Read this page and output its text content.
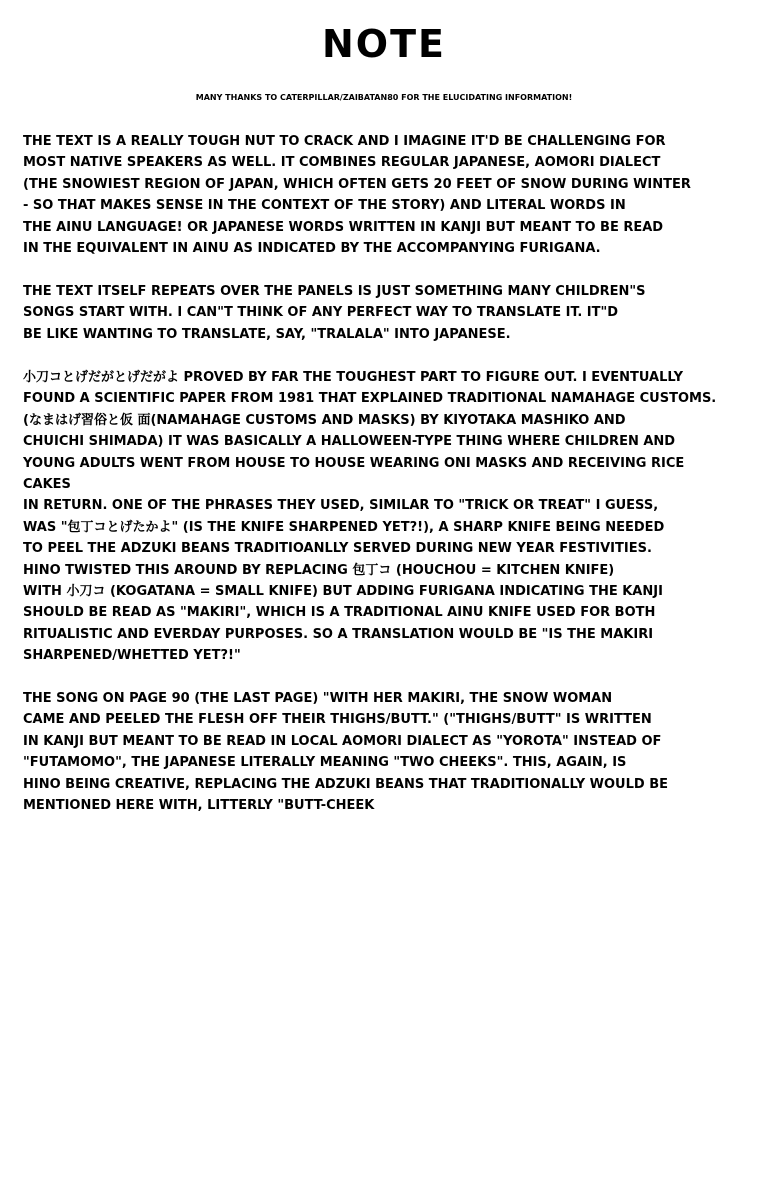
NOTE
MANY THANKS TO CATERPILLAR/ZAIBATAN80 FOR THE ELUCIDATING INFORMATION!
THE TEXT IS A REALLY TOUGH NUT TO CRACK AND I IMAGINE IT'D BE CHALLENGING FOR
MOST NATIVE SPEAKERS AS WELL. IT COMBINES REGULAR JAPANESE, AOMORI DIALECT
(THE SNOWIEST REGION OF JAPAN, WHICH OFTEN GETS 20 FEET OF SNOW DURING WINTER
- SO THAT MAKES SENSE IN THE CONTEXT OF THE STORY) AND LITERAL WORDS IN
THE AINU LANGUAGE! OR JAPANESE WORDS WRITTEN IN KANJI BUT MEANT TO BE READ
IN THE EQUIVALENT IN AINU AS INDICATED BY THE ACCOMPANYING FURIGANA.
THE TEXT ITSELF REPEATS OVER THE PANELS IS JUST SOMETHING MANY CHILDREN"S
SONGS START WITH. I CAN"T THINK OF ANY PERFECT WAY TO TRANSLATE IT. IT"D
BE LIKE WANTING TO TRANSLATE, SAY, "TRALALA" INTO JAPANESE.
小刀コとげだがとげだがよ PROVED BY FAR THE TOUGHEST PART TO FIGURE OUT. I EVENTUALLY
FOUND A SCIENTIFIC PAPER FROM 1981 THAT EXPLAINED TRADITIONAL NAMAHAGE CUSTOMS.
(なまはげ習俗と仮 面(NAMAHAGE CUSTOMS AND MASKS) BY KIYOTAKA MASHIKO AND
CHUICHI SHIMADA) IT WAS BASICALLY A HALLOWEEN-TYPE THING WHERE CHILDREN AND
YOUNG ADULTS WENT FROM HOUSE TO HOUSE WEARING ONI MASKS AND RECEIVING RICE
CAKES
IN RETURN. ONE OF THE PHRASES THEY USED, SIMILAR TO "TRICK OR TREAT" I GUESS,
WAS "包丁コとげたかよ" (IS THE KNIFE SHARPENED YET?!), A SHARP KNIFE BEING NEEDED
TO PEEL THE ADZUKI BEANS TRADITIOANLLY SERVED DURING NEW YEAR FESTIVITIES.
HINO TWISTED THIS AROUND BY REPLACING 包丁コ (HOUCHOU = KITCHEN KNIFE)
WITH 小刀コ (KOGATANA = SMALL KNIFE) BUT ADDING FURIGANA INDICATING THE KANJI
SHOULD BE READ AS "MAKIRI", WHICH IS A TRADITIONAL AINU KNIFE USED FOR BOTH
RITUALISTIC AND EVERDAY PURPOSES. SO A TRANSLATION WOULD BE "IS THE MAKIRI
SHARPENED/WHETTED YET?!"
THE SONG ON PAGE 90 (THE LAST PAGE) "WITH HER MAKIRI, THE SNOW WOMAN
CAME AND PEELED THE FLESH OFF THEIR THIGHS/BUTT." ("THIGHS/BUTT" IS WRITTEN
IN KANJI BUT MEANT TO BE READ IN LOCAL AOMORI DIALECT AS "YOROTA" INSTEAD OF
"FUTAMOMO", THE JAPANESE LITERALLY MEANING "TWO CHEEKS". THIS, AGAIN, IS
HINO BEING CREATIVE, REPLACING THE ADZUKI BEANS THAT TRADITIONALLY WOULD BE
MENTIONED HERE WITH, LITTERLY "BUTT-CHEEK
